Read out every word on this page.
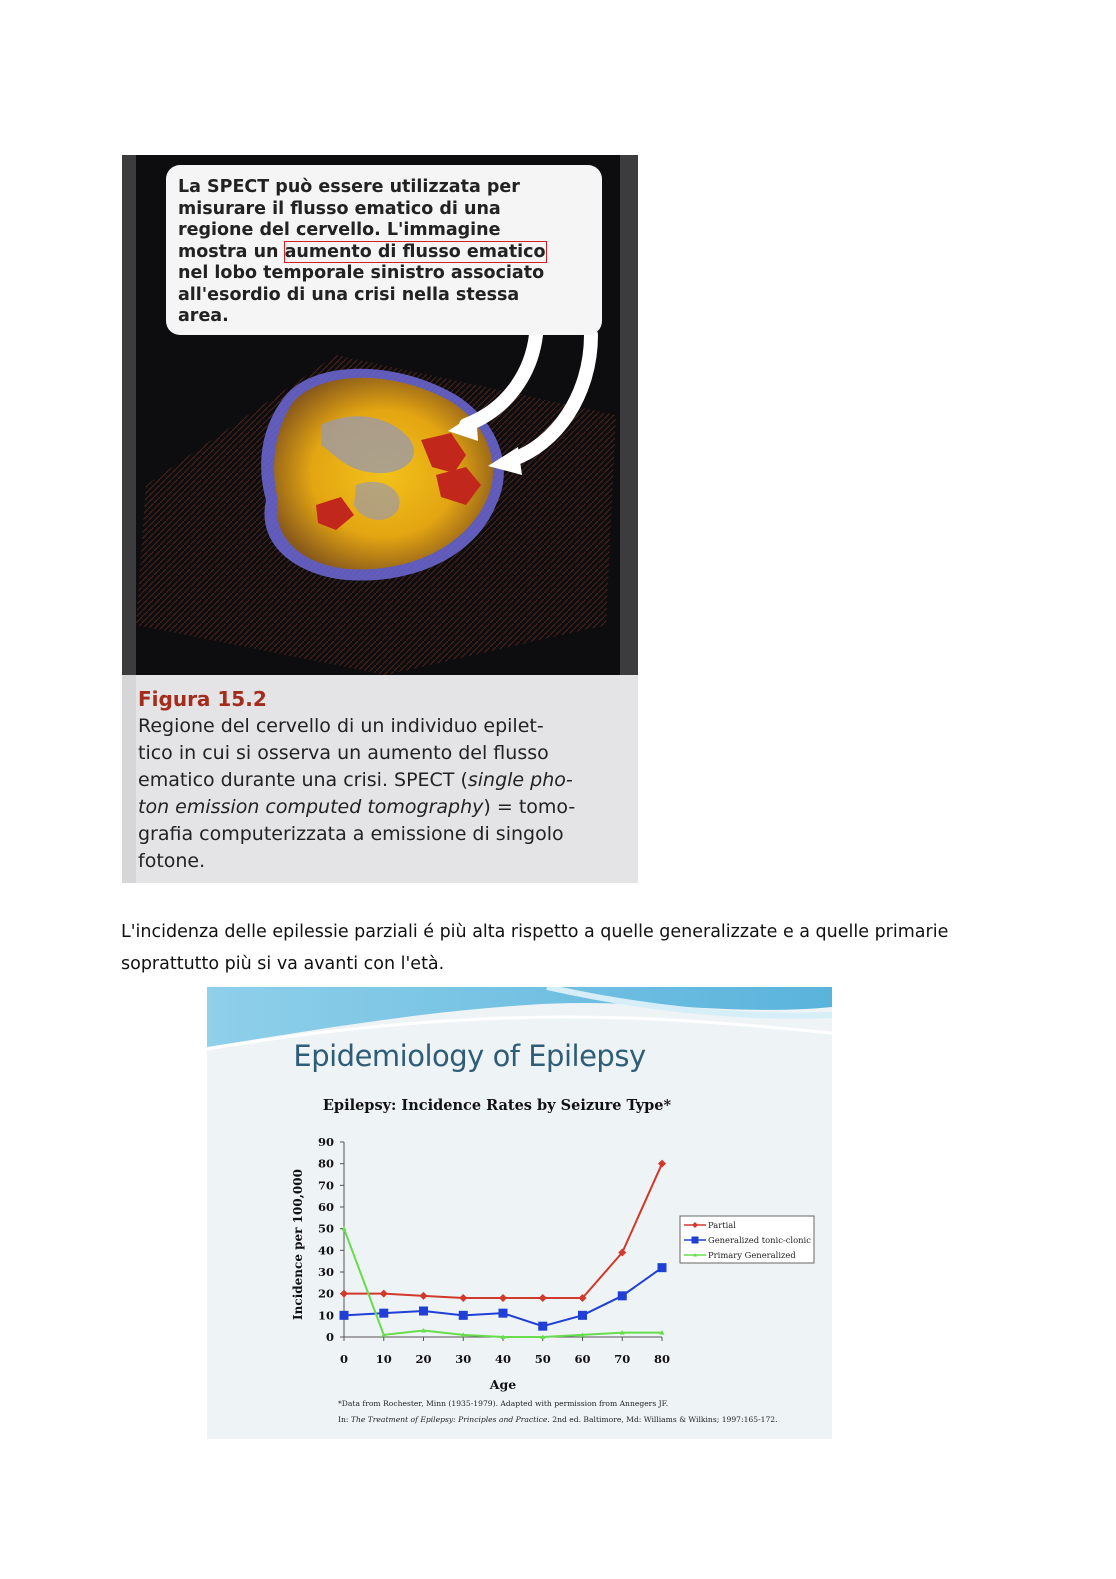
La SPECT può essere utilizzata per
misurare il flusso ematico di una
regione del cervello. L'immagine
mostra un aumento di flusso ematico
nel lobo temporale sinistro associato
all'esordio di una crisi nella stessa
area.
Figura 15.2
Regione del cervello di un individuo epilet-
tico in cui si osserva un aumento del flusso
ematico durante una crisi. SPECT (single pho-
ton emission computed tomography) = tomo-
grafia computerizzata a emissione di singolo
fotone.
L'incidenza delle epilessie parziali é più alta rispetto a quelle generalizzate e a quelle primarie
soprattutto più si va avanti con l'età.
Epidemiology of Epilepsy
Epilepsy: Incidence Rates by Seizure Type*
0
10
20
30
40
50
60
70
80
90
0 10 20 30 40 50 60 70 80
Age
Incidence per 100,000	Partial
Generalized tonic-clonic
Primary Generalized
*Data from Rochester, Minn (1935-1979). Adapted with permission from Annegers JF.
In: The Treatment of Epilepsy: Principles and Practice. 2nd ed. Baltimore, Md: Williams & Wilkins; 1997:165-172.
